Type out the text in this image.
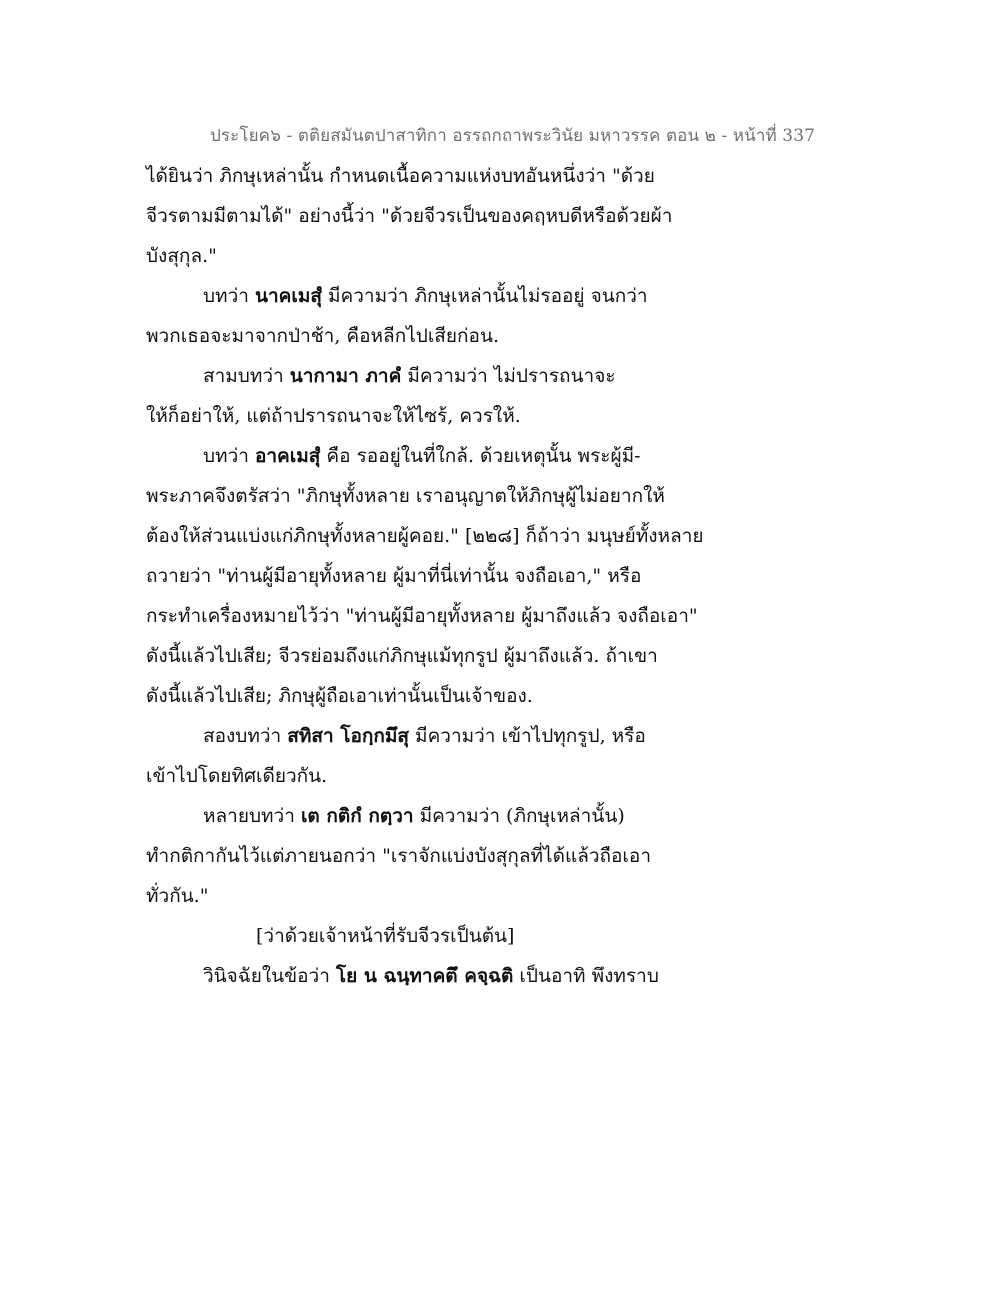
ประโยค๖ - ตติยสมันตปาสาทิกา อรรถกถาพระวินัย มหาวรรค ตอน ๒ - หน้าที่ 337
ได้ยินว่า ภิกษุเหล่านั้น กำหนดเนื้อความแห่งบทอันหนึ่งว่า "ด้วย
จีวรตามมีตามได้" อย่างนี้ว่า "ด้วยจีวรเป็นของคฤหบดีหรือด้วยผ้า
บังสุกุล."
บทว่า นาคเมสุํ มีความว่า ภิกษุเหล่านั้นไม่รออยู่ จนกว่า
พวกเธอจะมาจากป่าช้า, คือหลีกไปเสียก่อน.
สามบทว่า นากามา ภาคํ มีความว่า ไม่ปรารถนาจะ
ให้ก็อย่าให้, แต่ถ้าปรารถนาจะให้ไซร้, ควรให้.
บทว่า อาคเมสุํ คือ รออยู่ในที่ใกล้. ด้วยเหตุนั้น พระผู้มี-
พระภาคจึงตรัสว่า "ภิกษุทั้งหลาย เราอนุญาตให้ภิกษุผู้ไม่อยากให้
ต้องให้ส่วนแบ่งแก่ภิกษุทั้งหลายผู้คอย." [๒๒๘] ก็ถ้าว่า มนุษย์ทั้งหลาย
ถวายว่า "ท่านผู้มีอายุทั้งหลาย ผู้มาที่นี่เท่านั้น จงถือเอา," หรือ
กระทำเครื่องหมายไว้ว่า "ท่านผู้มีอายุทั้งหลาย ผู้มาถึงแล้ว จงถือเอา"
ดังนี้แล้วไปเสีย; จีวรย่อมถึงแก่ภิกษุแม้ทุกรูป ผู้มาถึงแล้ว. ถ้าเขา
ดังนี้แล้วไปเสีย; ภิกษุผู้ถือเอาเท่านั้นเป็นเจ้าของ.
สองบทว่า สทิสา โอกฺกมึสุ มีความว่า เข้าไปทุกรูป, หรือ
เข้าไปโดยทิศเดียวกัน.
หลายบทว่า เต กติกํ กตฺวา มีความว่า (ภิกษุเหล่านั้น)
ทำกติกากันไว้แต่ภายนอกว่า "เราจักแบ่งบังสุกุลที่ได้แล้วถือเอา
ทั่วกัน."
[ว่าด้วยเจ้าหน้าที่รับจีวรเป็นต้น]
วินิจฉัยในข้อว่า โย น ฉนฺทาคตึ คจฺฉติ เป็นอาทิ พึงทราบ
